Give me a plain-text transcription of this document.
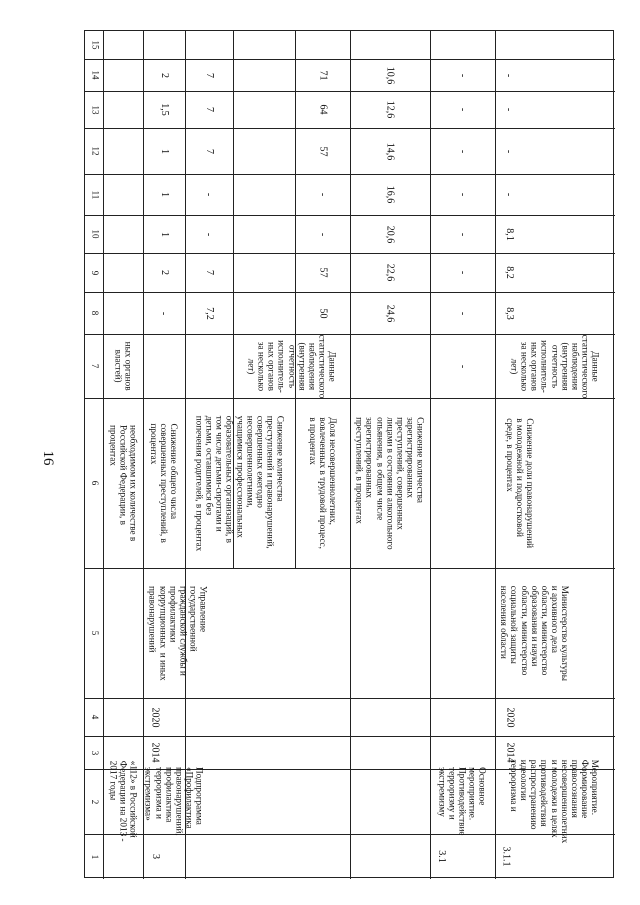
16
1
2
3
4
5
6
7
8
9
10
11
12
13
14
15
«112» в Российской
Федерации на 2013 -
2017 годы
необходимом их количестве в
Российской Федерации, в
процентах
ных органов
властей)
3
Подпрограмма
«Профилактика
правонарушений,
профилактика
терроризма и
экстремизма»
2014
2020
Управление
государственной
гражданской службы и
профилактики
коррупционных  и иных
правонарушений
Данные
статистического
наблюдения
(внутренняя
отчетность
исполнитель-
ных органов
за несколько
лет)
Снижение общего числа
совершенных преступлений, в
процентах
-
2
1
1
1
1,5
2
Снижение количества
преступлений и правонарушений,
совершенных ежегодно
несовершеннолетними,
учащимися профессиональных
образовательных организаций, в
том числе детьми-сиротами и
детьми, оставшимися без
попечения родителей, в процентах
7,2
7
-
-
7
7
7
Доля несовершеннолетних,
вовлеченных в трудовой процесс,
в процентах
50
57
-
-
57
64
71
Снижение количества
зарегистрированных
преступлений, совершенных
лицами в состоянии алкогольного
опьянения, в общем числе
зарегистрированных
преступлений, в процентах
24,6
22,6
20,6
16,6
14,6
12,6
10,6
3.1
Основное
мероприятие.
Противодействие
терроризму и
экстремизму
-
-
-
-
-
-
-
-
3.1.1
Мероприятие.
Формирование
правосознания
несовершеннолетних
и молодежи в целях
противодействия
распространению
идеологии
терроризма и
2014
2020
Министерство культуры
и архивного дела
области, министерство
образования и науки
области, министерство
социальной защиты
населения области
Снижение доли правонарушений
в молодежной и подростковой
среде, в процентах
Данные
статистического
наблюдения
(внутренняя
отчетность
исполнитель-
ных органов
за несколько
лет)
8,3
8,2
8,1
-
-
-
-
